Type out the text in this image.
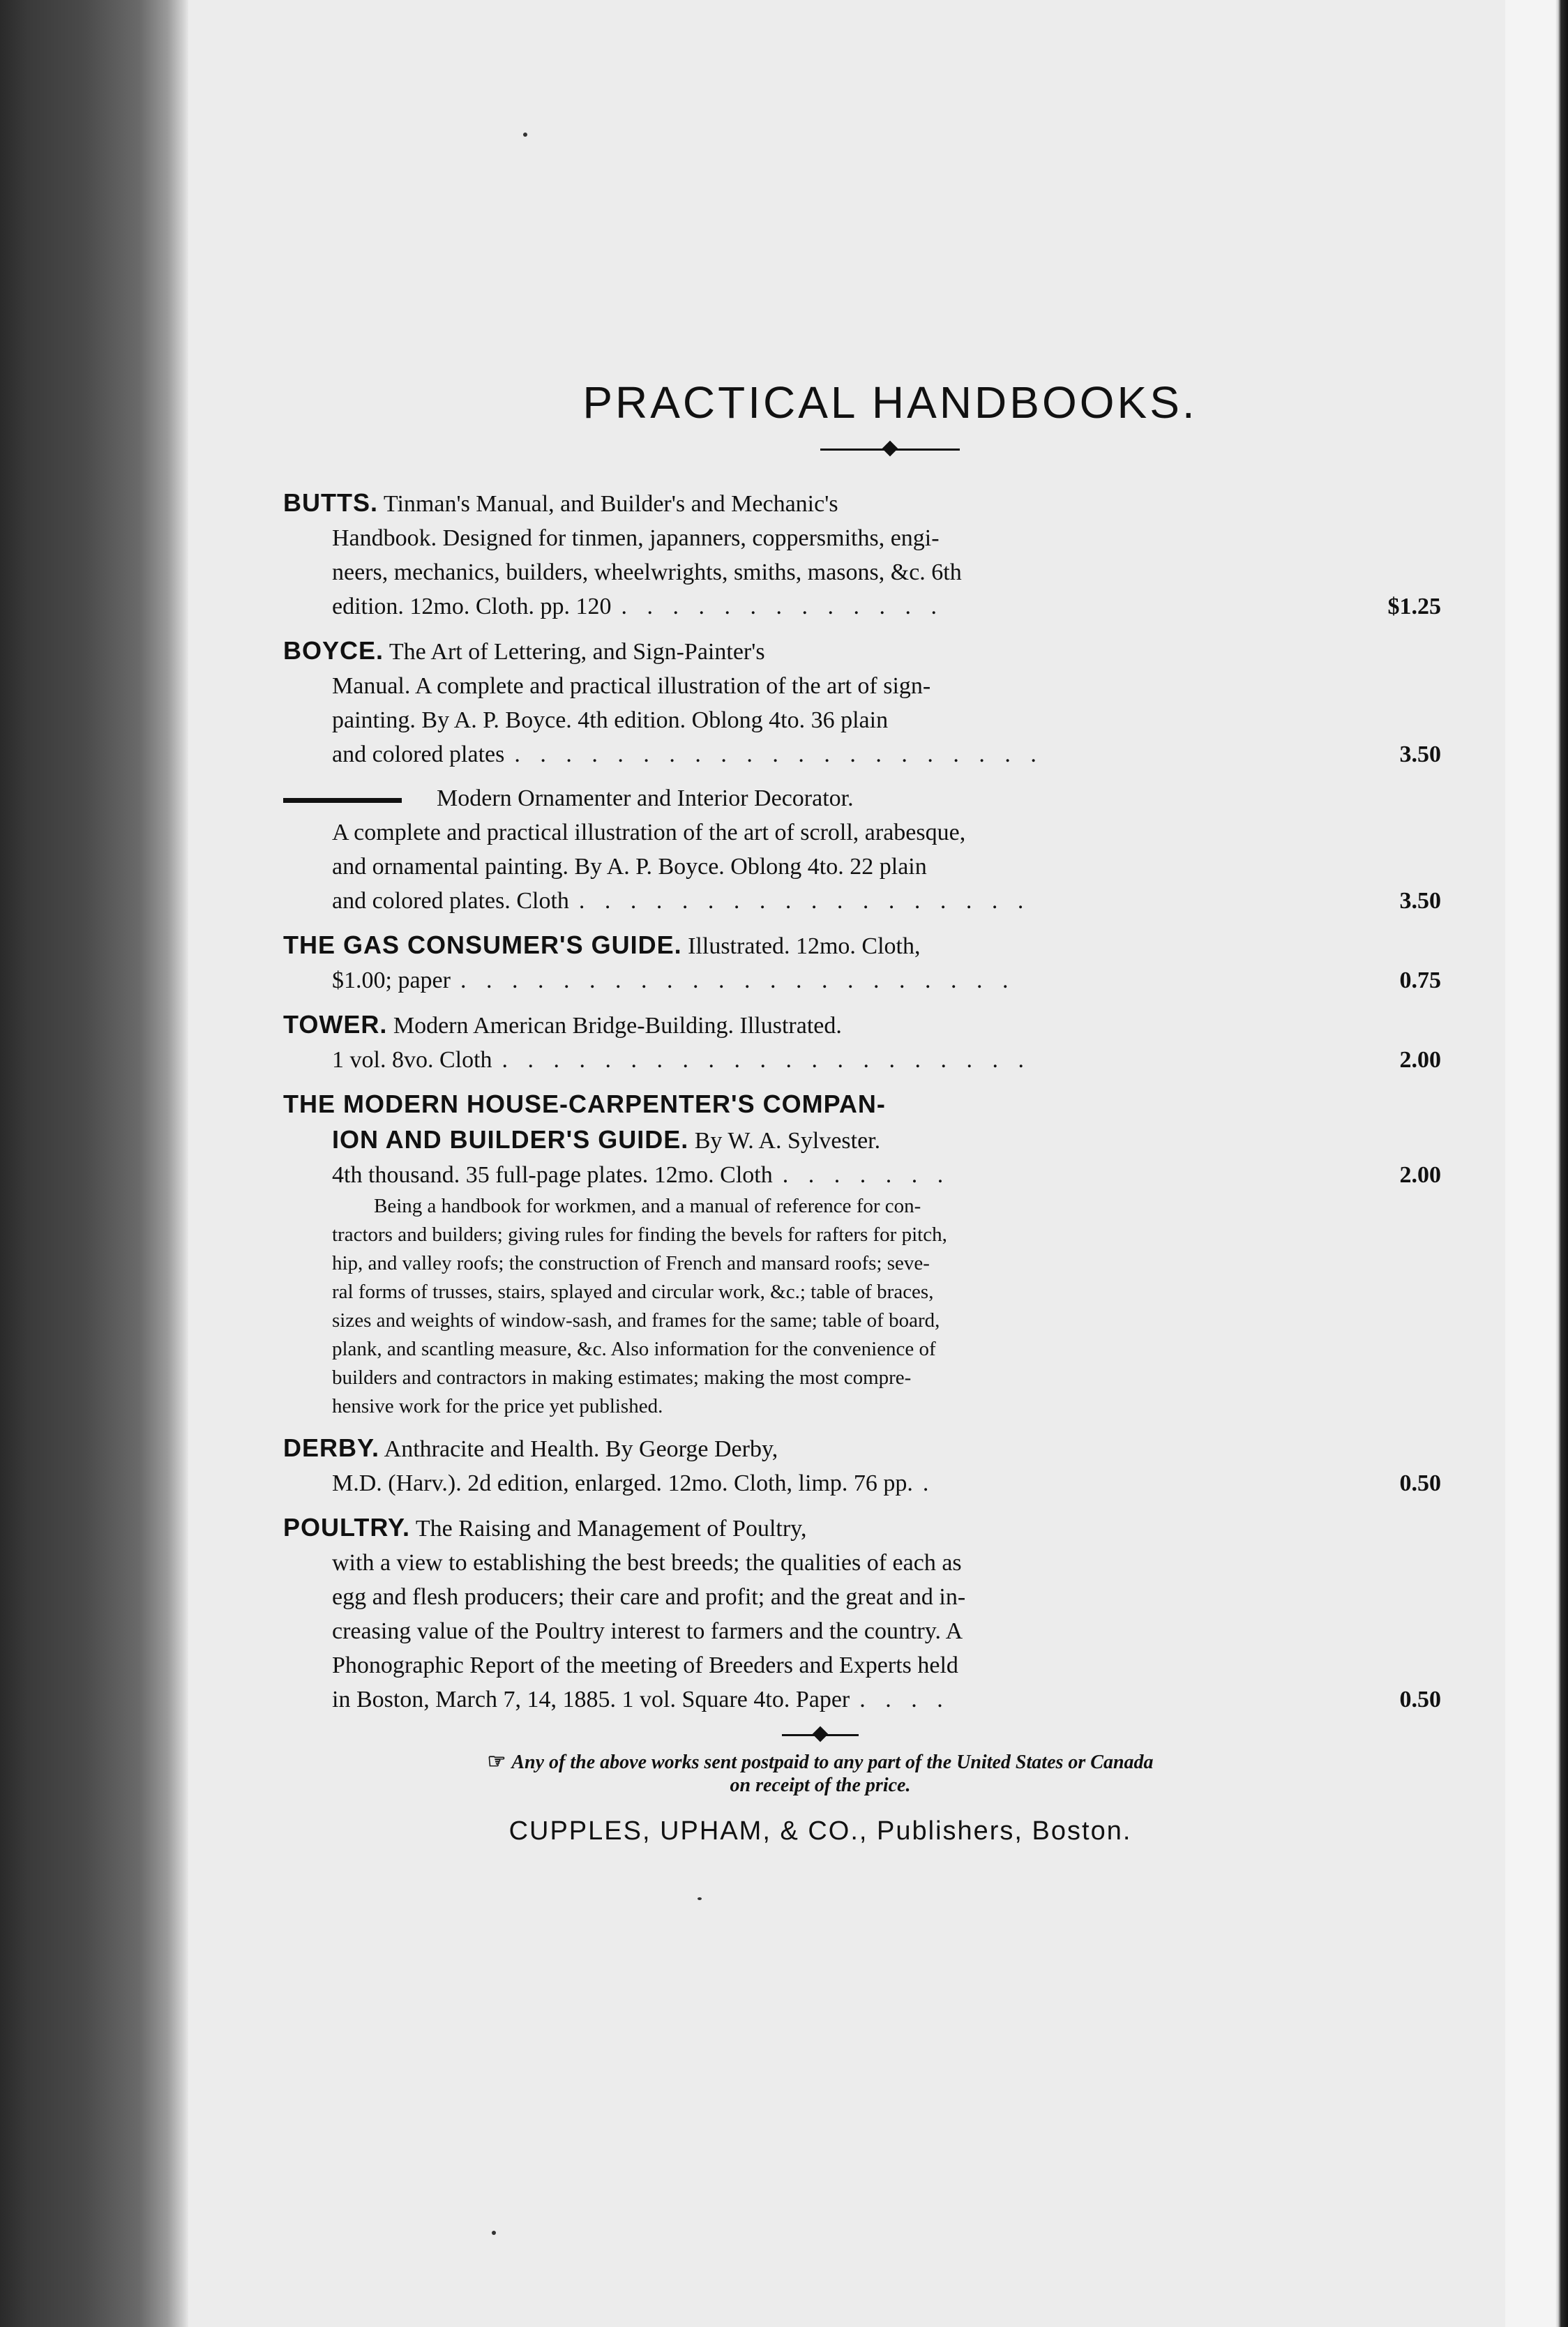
PRACTICAL HANDBOOKS.
BUTTS. Tinman's Manual, and Builder's and Mechanic's
Handbook. Designed for tinmen, japanners, coppersmiths, engi-
neers, mechanics, builders, wheelwrights, smiths, masons, &c. 6th
edition. 12mo. Cloth. pp. 120 . . . . . . . . . . . . .	$1.25
BOYCE. The Art of Lettering, and Sign-Painter's
Manual. A complete and practical illustration of the art of sign-
painting. By A. P. Boyce. 4th edition. Oblong 4to. 36 plain
and colored plates . . . . . . . . . . . . . . . . . . . . .	3.50
Modern Ornamenter and Interior Decorator.
A complete and practical illustration of the art of scroll, arabesque,
and ornamental painting. By A. P. Boyce. Oblong 4to. 22 plain
and colored plates. Cloth . . . . . . . . . . . . . . . . . .	3.50
THE GAS CONSUMER'S GUIDE. Illustrated. 12mo. Cloth,
$1.00; paper . . . . . . . . . . . . . . . . . . . . . .	0.75
TOWER. Modern American Bridge-Building. Illustrated.
1 vol. 8vo. Cloth . . . . . . . . . . . . . . . . . . . . .	2.00
THE MODERN HOUSE-CARPENTER'S COMPAN-
ION AND BUILDER'S GUIDE. By W. A. Sylvester.
4th thousand. 35 full-page plates. 12mo. Cloth . . . . . . .	2.00
Being a handbook for workmen, and a manual of reference for con-
tractors and builders; giving rules for finding the bevels for rafters for pitch,
hip, and valley roofs; the construction of French and mansard roofs; seve-
ral forms of trusses, stairs, splayed and circular work, &c.; table of braces,
sizes and weights of window-sash, and frames for the same; table of board,
plank, and scantling measure, &c. Also information for the convenience of
builders and contractors in making estimates; making the most compre-
hensive work for the price yet published.
DERBY. Anthracite and Health. By George Derby,
M.D. (Harv.). 2d edition, enlarged. 12mo. Cloth, limp. 76 pp. .	0.50
POULTRY. The Raising and Management of Poultry,
with a view to establishing the best breeds; the qualities of each as
egg and flesh producers; their care and profit; and the great and in-
creasing value of the Poultry interest to farmers and the country. A
Phonographic Report of the meeting of Breeders and Experts held
in Boston, March 7, 14, 1885. 1 vol. Square 4to. Paper . . . .	0.50
☞ Any of the above works sent postpaid to any part of the United States or Canada
on receipt of the price.
CUPPLES, UPHAM, & CO., Publishers, Boston.
